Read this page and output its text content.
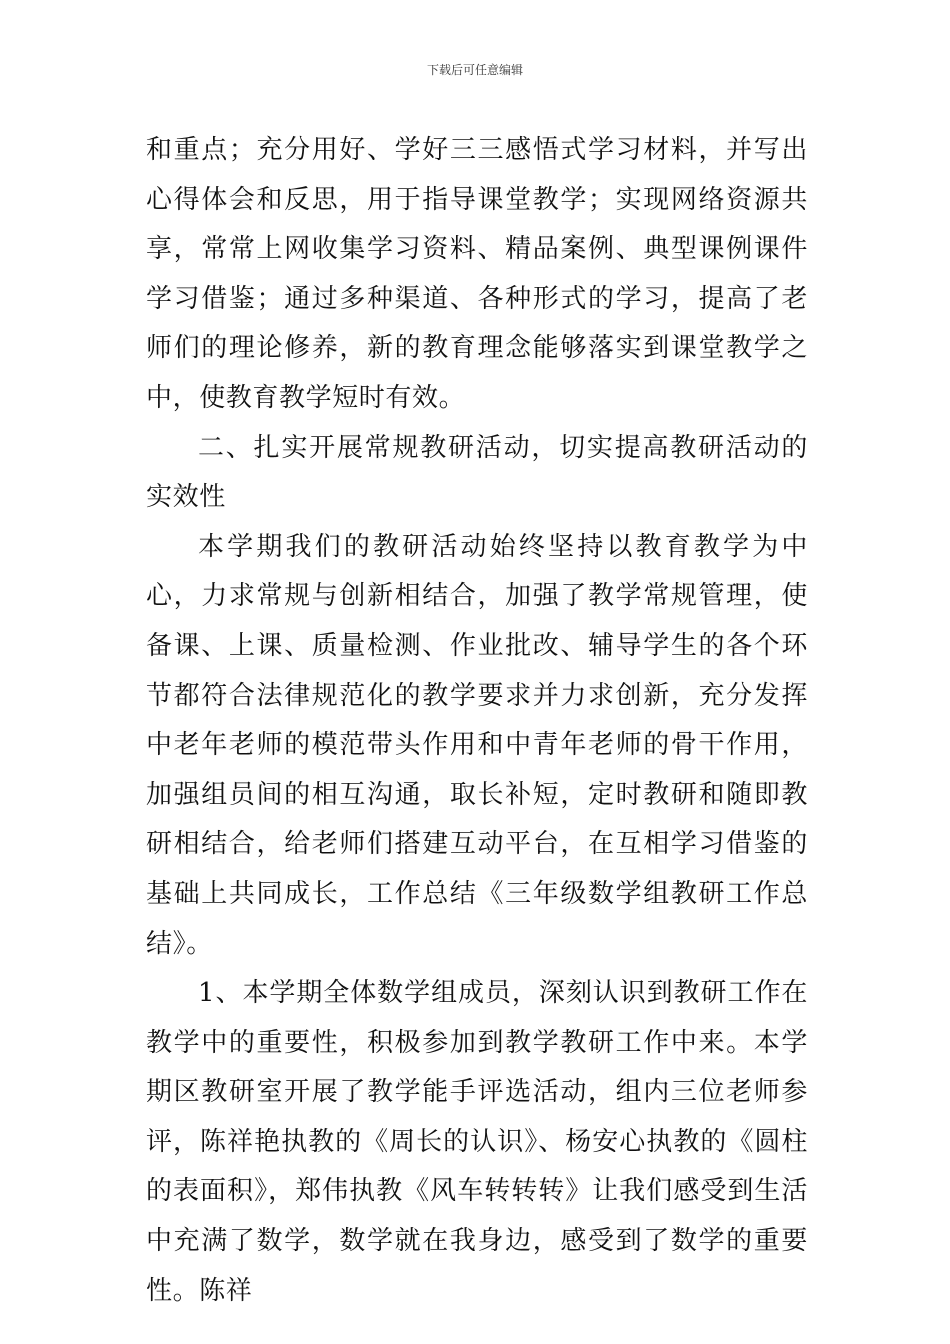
下载后可任意编辑

和重点；充分用好、学好三三感悟式学习材料，并写出心得体会和反思，用于指导课堂教学；实现网络资源共享，常常上网收集学习资料、精品案例、典型课例课件学习借鉴；通过多种渠道、各种形式的学习，提高了老师们的理论修养，新的教育理念能够落实到课堂教学之中，使教育教学短时有效。

二、扎实开展常规教研活动，切实提高教研活动的实效性

本学期我们的教研活动始终坚持以教育教学为中心，力求常规与创新相结合，加强了教学常规管理，使备课、上课、质量检测、作业批改、辅导学生的各个环节都符合法律规范化的教学要求并力求创新，充分发挥中老年老师的模范带头作用和中青年老师的骨干作用，加强组员间的相互沟通，取长补短，定时教研和随即教研相结合，给老师们搭建互动平台，在互相学习借鉴的基础上共同成长，工作总结《三年级数学组教研工作总结》。

1、本学期全体数学组成员，深刻认识到教研工作在教学中的重要性，积极参加到教学教研工作中来。本学期区教研室开展了教学能手评选活动，组内三位老师参评，陈祥艳执教的《周长的认识》、杨安心执教的《圆柱的表面积》，郑伟执教《风车转转转》让我们感受到生活中充满了数学，数学就在我身边，感受到了数学的重要性。陈祥
